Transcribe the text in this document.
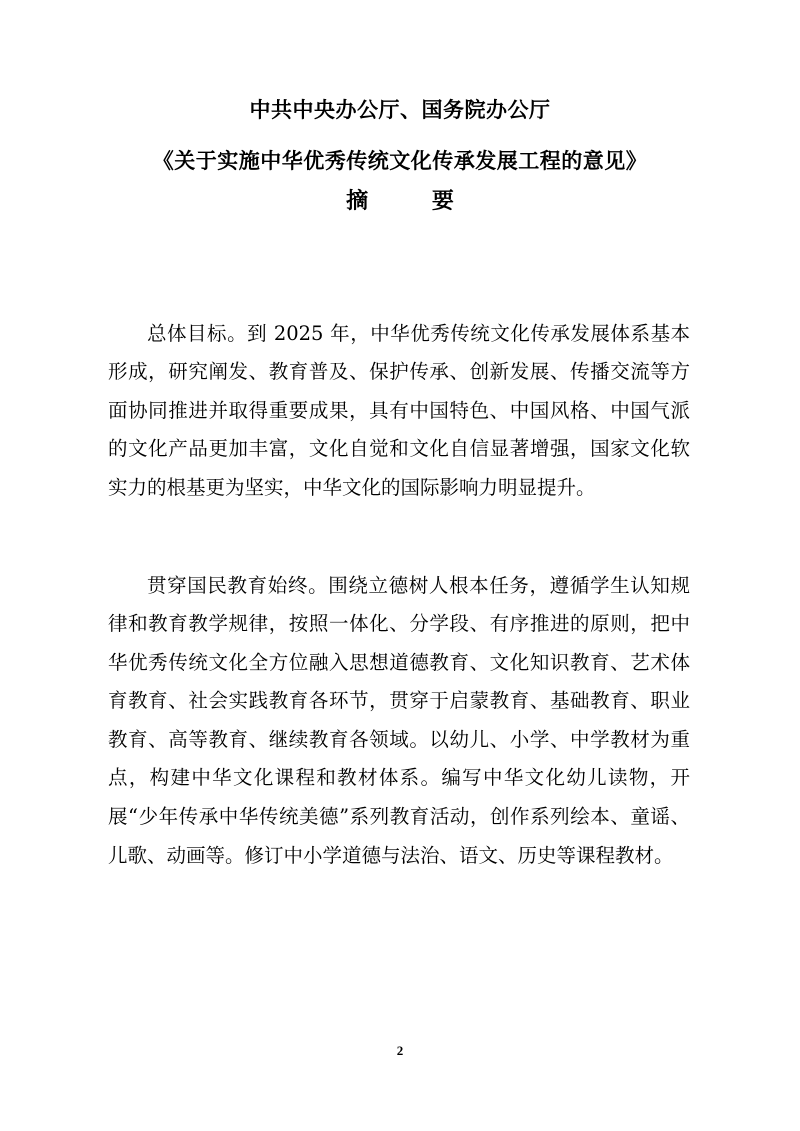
中共中央办公厅、国务院办公厅
《关于实施中华优秀传统文化传承发展工程的意见》
摘 要

总体目标。到 2025 年，中华优秀传统文化传承发展体系基本形成，研究阐发、教育普及、保护传承、创新发展、传播交流等方面协同推进并取得重要成果，具有中国特色、中国风格、中国气派的文化产品更加丰富，文化自觉和文化自信显著增强，国家文化软实力的根基更为坚实，中华文化的国际影响力明显提升。

贯穿国民教育始终。围绕立德树人根本任务，遵循学生认知规律和教育教学规律，按照一体化、分学段、有序推进的原则，把中华优秀传统文化全方位融入思想道德教育、文化知识教育、艺术体育教育、社会实践教育各环节，贯穿于启蒙教育、基础教育、职业教育、高等教育、继续教育各领域。以幼儿、小学、中学教材为重点，构建中华文化课程和教材体系。编写中华文化幼儿读物，开展“少年传承中华传统美德”系列教育活动，创作系列绘本、童谣、儿歌、动画等。修订中小学道德与法治、语文、历史等课程教材。

2
